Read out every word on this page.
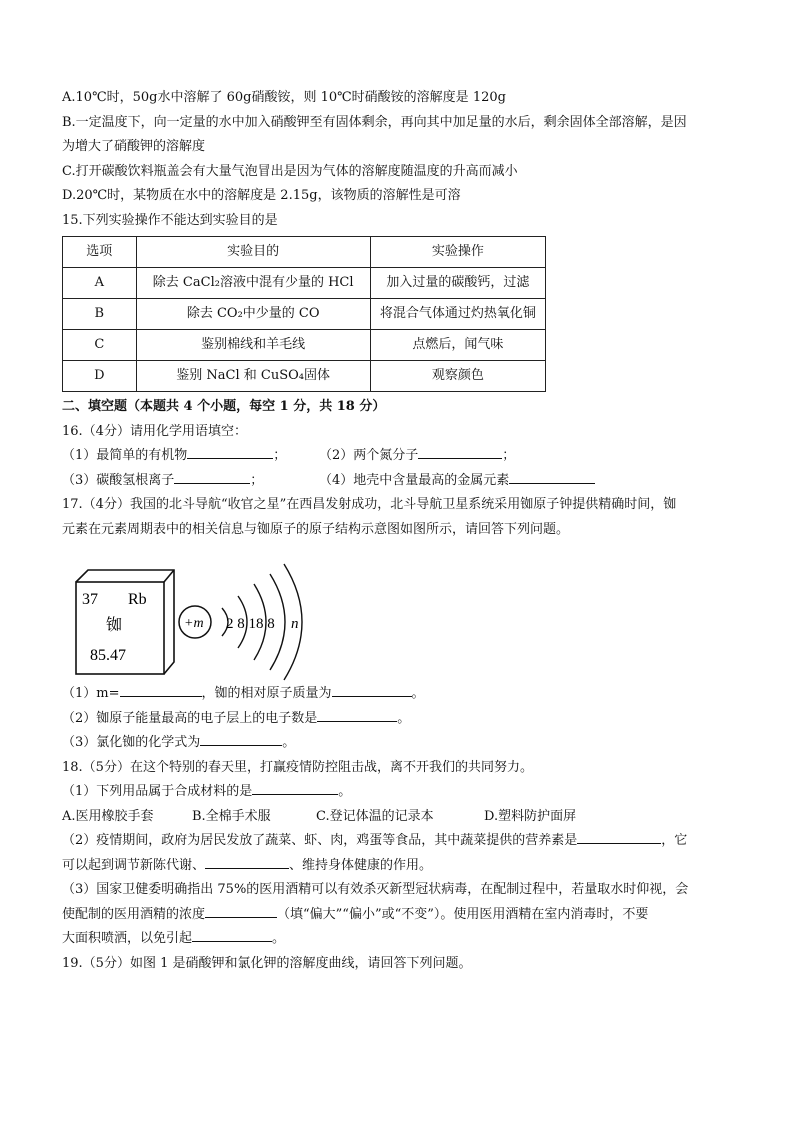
A.10℃时，50g水中溶解了 60g硝酸铵，则 10℃时硝酸铵的溶解度是 120g
B.一定温度下，向一定量的水中加入硝酸钾至有固体剩余，再向其中加足量的水后，剩余固体全部溶解，是因
为增大了硝酸钾的溶解度
C.打开碳酸饮料瓶盖会有大量气泡冒出是因为气体的溶解度随温度的升高而减小
D.20℃时，某物质在水中的溶解度是 2.15g，该物质的溶解性是可溶
15.下列实验操作不能达到实验目的是
选项	实验目的	实验操作
A	除去 CaCl₂溶液中混有少量的 HCl	加入过量的碳酸钙，过滤
B	除去 CO₂中少量的 CO	将混合气体通过灼热氧化铜
C	鉴别棉线和羊毛线	点燃后，闻气味
D	鉴别 NaCl 和 CuSO₄固体	观察颜色
二、填空题（本题共 4 个小题，每空 1 分，共 18 分）
16.（4分）请用化学用语填空：
（1）最简单的有机物	；	（2）两个氮分子	；
（3）碳酸氢根离子	；	（4）地壳中含量最高的金属元素
17.（4分）我国的北斗导航“收官之星”在西昌发射成功，北斗导航卫星系统采用铷原子钟提供精确时间，铷
元素在元素周期表中的相关信息与铷原子的原子结构示意图如图所示，请回答下列问题。
37 Rb
铷
85.47
+m 2 8 18 8 n
（1）m=	，铷的相对原子质量为	。
（2）铷原子能量最高的电子层上的电子数是	。
（3）氯化铷的化学式为	。
18.（5分）在这个特别的春天里，打赢疫情防控阻击战，离不开我们的共同努力。
（1）下列用品属于合成材料的是	。
A.医用橡胶手套	B.全棉手术服	C.登记体温的记录本	D.塑料防护面屏
（2）疫情期间，政府为居民发放了蔬菜、虾、肉，鸡蛋等食品，其中蔬菜提供的营养素是	，它
可以起到调节新陈代谢、	、维持身体健康的作用。
（3）国家卫健委明确指出 75%的医用酒精可以有效杀灭新型冠状病毒，在配制过程中，若量取水时仰视，会
使配制的医用酒精的浓度	（填“偏大”“偏小”或“不变”）。使用医用酒精在室内消毒时，不要
大面积喷洒，以免引起	。
19.（5分）如图 1 是硝酸钾和氯化钾的溶解度曲线，请回答下列问题。
